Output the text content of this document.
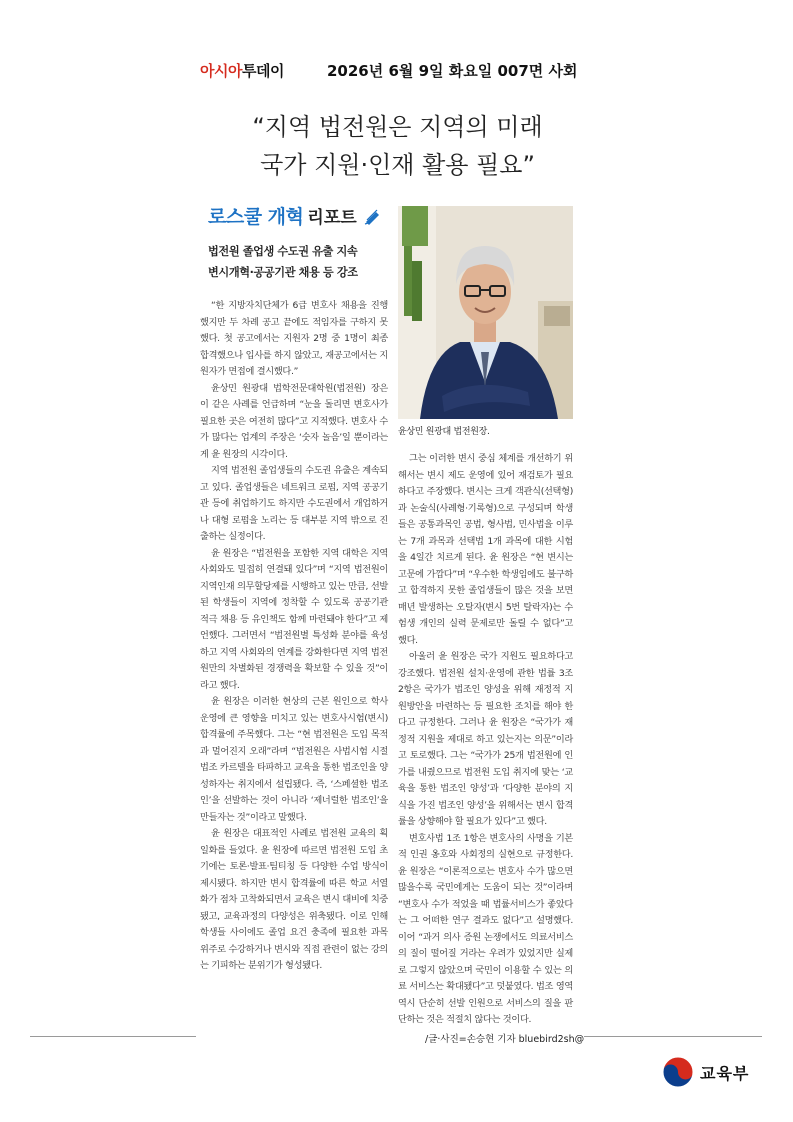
아시아투데이	2026년 6월 9일 화요일 007면 사회
“지역 법전원은 지역의 미래
국가 지원·인재 활용 필요”
로스쿨 개혁 리포트
법전원 졸업생 수도권 유출 지속
변시개혁·공공기관 채용 등 강조

“한 지방자치단체가 6급 변호사 채용을 진행했지만 두 차례 공고 끝에도 적임자를 구하지 못했다. 첫 공고에서는 지원자 2명 중 1명이 최종 합격했으나 입사를 하지 않았고, 재공고에서는 지원자가 면접에 결시했다.”

윤상민 원광대 법학전문대학원(법전원) 장은 이 같은 사례를 언급하며 “눈을 돌리면 변호사가 필요한 곳은 여전히 많다”고 지적했다. 변호사 수가 많다는 업계의 주장은 ‘숫자 놀음’일 뿐이라는 게 윤 원장의 시각이다.

지역 법전원 졸업생들의 수도권 유출은 계속되고 있다. 졸업생들은 네트워크 로펌, 지역 공공기관 등에 취업하기도 하지만 수도권에서 개업하거나 대형 로펌을 노리는 등 대부분 지역 밖으로 진출하는 실정이다.

윤 원장은 “법전원을 포함한 지역 대학은 지역 사회와도 밀접히 연결돼 있다”며 “지역 법전원이 지역인재 의무할당제를 시행하고 있는 만큼, 선발된 학생들이 지역에 정착할 수 있도록 공공기관 적극 채용 등 유인책도 함께 마련돼야 한다”고 제언했다. 그러면서 “법전원별 특성화 분야를 육성하고 지역 사회와의 연계를 강화한다면 지역 법전원만의 차별화된 경쟁력을 확보할 수 있을 것”이라고 했다.

윤 원장은 이러한 현상의 근본 원인으로 학사 운영에 큰 영향을 미치고 있는 변호사시험(변시) 합격률에 주목했다. 그는 “현 법전원은 도입 목적과 멀어진지 오래”라며 “법전원은 사법시험 시절 법조 카르텔을 타파하고 교육을 통한 법조인을 양성하자는 취지에서 설립됐다. 즉, ‘스페셜한 법조인’을 선발하는 것이 아니라 ‘제너럴한 법조인’을 만들자는 것”이라고 말했다.

윤 원장은 대표적인 사례로 법전원 교육의 획일화를 들었다. 윤 원장에 따르면 법전원 도입 초기에는 토론·발표·팀티칭 등 다양한 수업 방식이 제시됐다. 하지만 변시 합격률에 따른 학교 서열화가 점차 고착화되면서 교육은 변시 대비에 치중됐고, 교육과정의 다양성은 위축됐다. 이로 인해 학생들 사이에도 졸업 요건 충족에 필요한 과목 위주로 수강하거나 변시와 직접 관련이 없는 강의는 기피하는 분위기가 형성됐다.

윤상민 원광대 법전원장.

그는 이러한 변시 중심 체계를 개선하기 위해서는 변시 제도 운영에 있어 재검토가 필요하다고 주장했다. 변시는 크게 객관식(선택형)과 논술식(사례형·기록형)으로 구성되며 학생들은 공통과목인 공법, 형사법, 민사법을 이루는 7개 과목과 선택법 1개 과목에 대한 시험을 4일간 치르게 된다. 윤 원장은 “현 변시는 고문에 가깝다”며 “우수한 학생임에도 불구하고 합격하지 못한 졸업생들이 많은 것을 보면 매년 발생하는 오탈자(변시 5번 탈락자)는 수험생 개인의 실력 문제로만 돌릴 수 없다”고 했다.

아울러 윤 원장은 국가 지원도 필요하다고 강조했다. 법전원 설치·운영에 관한 법률 3조 2항은 국가가 법조인 양성을 위해 재정적 지원방안을 마련하는 등 필요한 조치를 해야 한다고 규정한다. 그러나 윤 원장은 “국가가 재정적 지원을 제대로 하고 있는지는 의문”이라고 토로했다. 그는 “국가가 25개 법전원에 인가를 내줬으므로 법전원 도입 취지에 맞는 ‘교육을 통한 법조인 양성’과 ‘다양한 분야의 지식을 가진 법조인 양성’을 위해서는 변시 합격률을 상향해야 할 필요가 있다”고 했다.

변호사법 1조 1항은 변호사의 사명을 기본적 인권 옹호와 사회정의 실현으로 규정한다. 윤 원장은 “이론적으로는 변호사 수가 많으면 많을수록 국민에게는 도움이 되는 것”이라며 “변호사 수가 적었을 때 법률서비스가 좋았다는 그 어떠한 연구 결과도 없다”고 설명했다. 이어 “과거 의사 증원 논쟁에서도 의료서비스의 질이 떨어질 거라는 우려가 있었지만 실제로 그렇지 않았으며 국민이 이용할 수 있는 의료 서비스는 확대됐다”고 덧붙였다. 법조 영역 역시 단순히 선발 인원으로 서비스의 질을 판단하는 것은 적절치 않다는 것이다.

/글·사진=손승현 기자 bluebird2sh@
교육부
